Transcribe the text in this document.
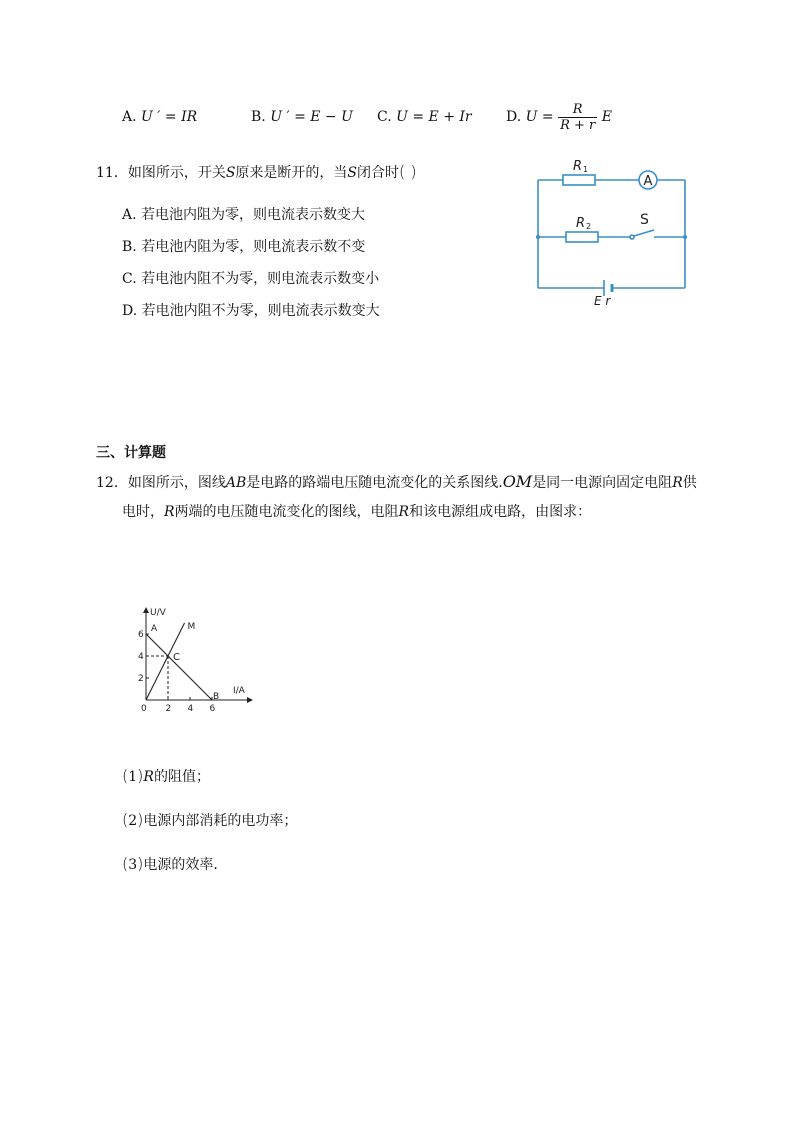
A. U ′ = IR	B. U ′ = E − U C. U = E + Ir D. $U = \frac{R}{R + r}$ E
11．如图所示，开关S原来是断开的，当S闭合时( )
A. 若电池内阻为零，则电流表示数变大
B. 若电池内阻为零，则电流表示数不变
C. 若电池内阻不为零，则电流表示数变小
D. 若电池内阻不为零，则电流表示数变大
A
R 1
R 2	S
E r
三、计算题
12．如图所示，图线AB是电路的路端电压随电流变化的关系图线.OM是同一电源向固定电阻R供
电时，R两端的电压随电流变化的图线，电阻R和该电源组成电路，由图求：
U/V
I/A
0 2 4 6
2
4
6
A
B
M
C
(1)R的阻值；
(2)电源内部消耗的电功率；
(3)电源的效率.
